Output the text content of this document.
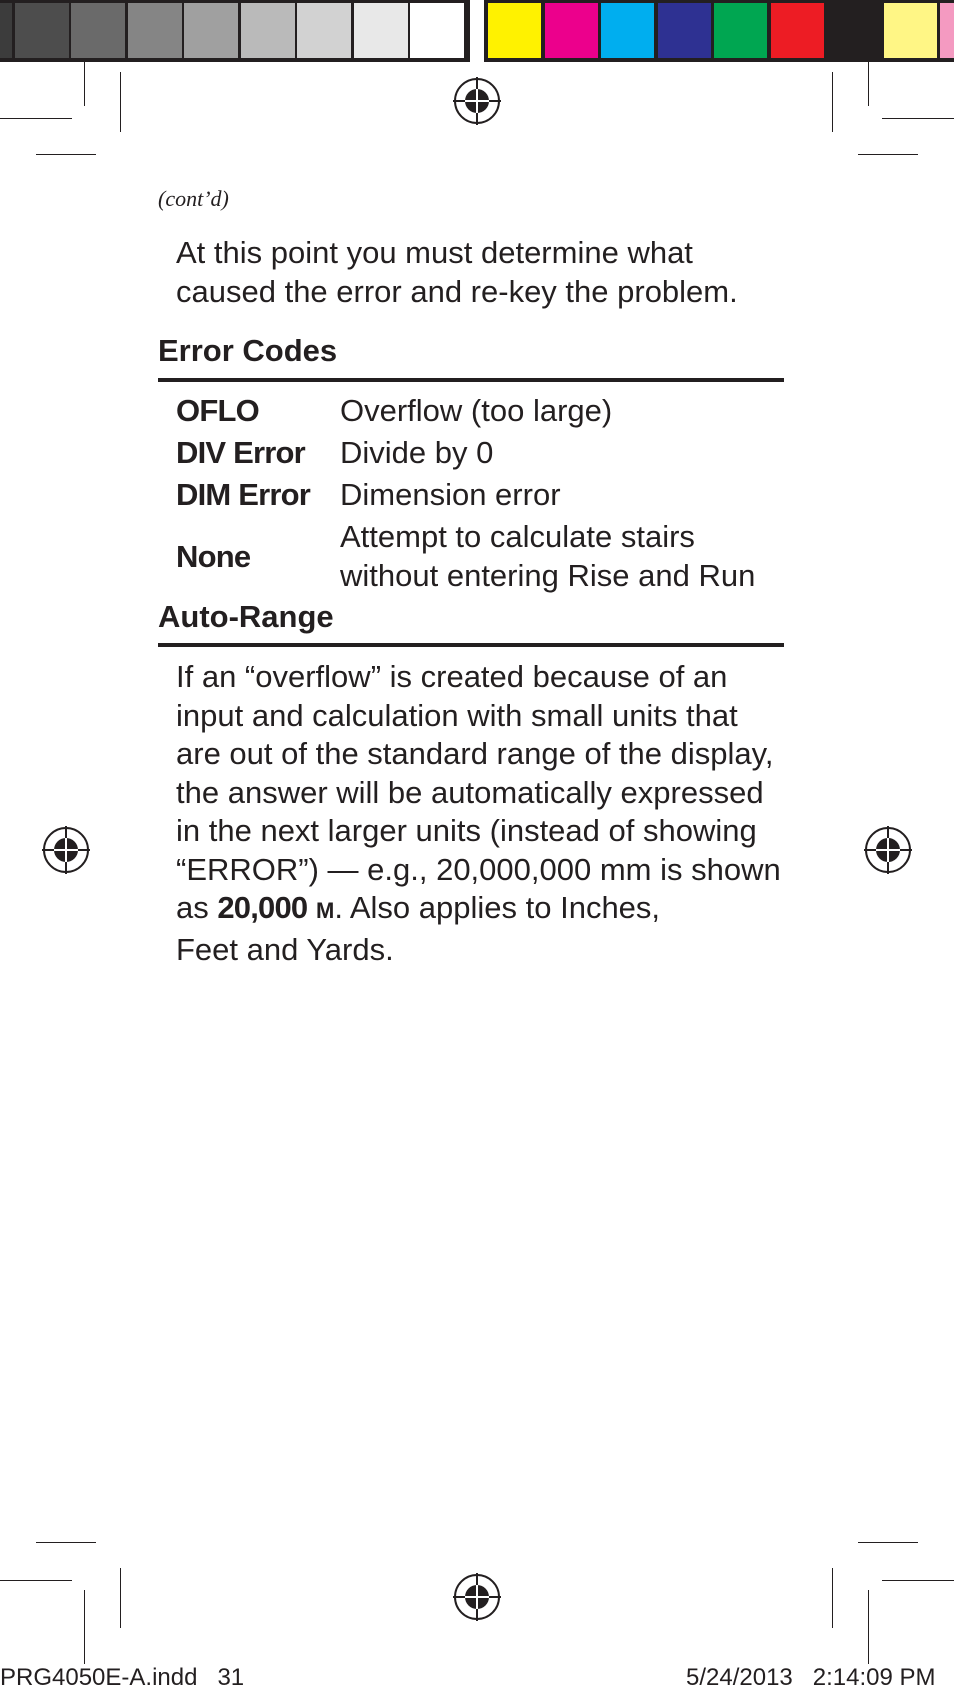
(cont’d)

At this point you must determine what
caused the error and re-key the problem.

Error Codes
OFLO	Overflow (too large)
DIV Error Divide by 0
DIM Error Dimension error
None
Attempt to calculate stairs
without entering Rise and Run
Auto-Range

If an “overflow” is created because of an
input and calculation with small units that
are out of the standard range of the display,
the answer will be automatically expressed
in the next larger units (instead of showing
“ERROR”) — e.g., 20,000,000 mm is shown
as 20,000 M. Also applies to Inches,
Feet and Yards.

PRG4050E-A.indd   31	5/24/2013   2:14:09 PM
